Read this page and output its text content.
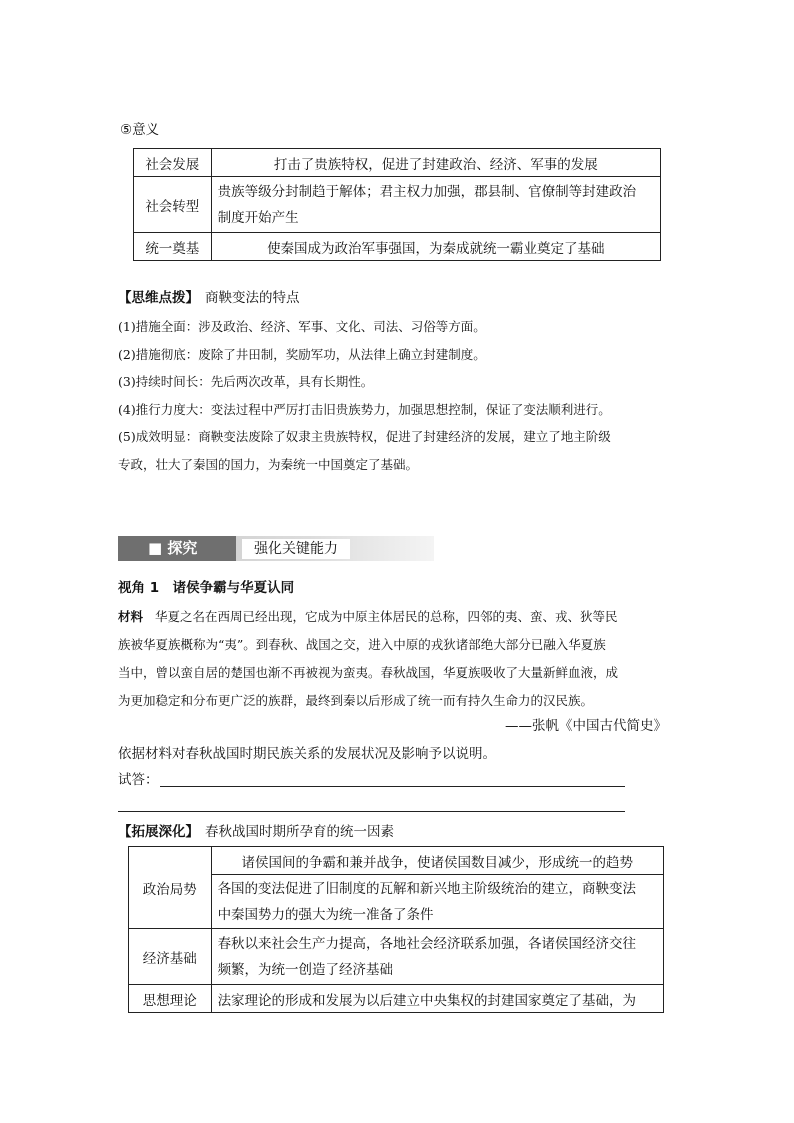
⑤意义
社会发展	打击了贵族特权，促进了封建政治、经济、军事的发展
社会转型	贵族等级分封制趋于解体；君主权力加强，郡县制、官僚制等封建政治
制度开始产生

统一奠基	使秦国成为政治军事强国，为秦成就统一霸业奠定了基础
【思维点拨】 商鞅变法的特点
(1)措施全面：涉及政治、经济、军事、文化、司法、习俗等方面。
(2)措施彻底：废除了井田制，奖励军功，从法律上确立封建制度。
(3)持续时间长：先后两次改革，具有长期性。
(4)推行力度大：变法过程中严厉打击旧贵族势力，加强思想控制，保证了变法顺利进行。
(5)成效明显：商鞅变法废除了奴隶主贵族特权，促进了封建经济的发展，建立了地主阶级
专政，壮大了秦国的国力，为秦统一中国奠定了基础。
■ 探究	强化关键能力
视角 1　诸侯争霸与华夏认同
材料 华夏之名在西周已经出现，它成为中原主体居民的总称，四邻的夷、蛮、戎、狄等民
族被华夏族概称为“夷”。到春秋、战国之交，进入中原的戎狄诸部绝大部分已融入华夏族
当中，曾以蛮自居的楚国也渐不再被视为蛮夷。春秋战国，华夏族吸收了大量新鲜血液，成
为更加稳定和分布更广泛的族群，最终到秦以后形成了统一而有持久生命力的汉民族。
——张帆《中国古代简史》
依据材料对春秋战国时期民族关系的发展状况及影响予以说明。
试答：
【拓展深化】 春秋战国时期所孕育的统一因素
政治局势	诸侯国间的争霸和兼并战争，使诸侯国数目减少，形成统一的趋势

	各国的变法促进了旧制度的瓦解和新兴地主阶级统治的建立，商鞅变法
中秦国势力的强大为统一准备了条件

经济基础	春秋以来社会生产力提高，各地社会经济联系加强，各诸侯国经济交往
频繁，为统一创造了经济基础

思想理论	法家理论的形成和发展为以后建立中央集权的封建国家奠定了基础，为
